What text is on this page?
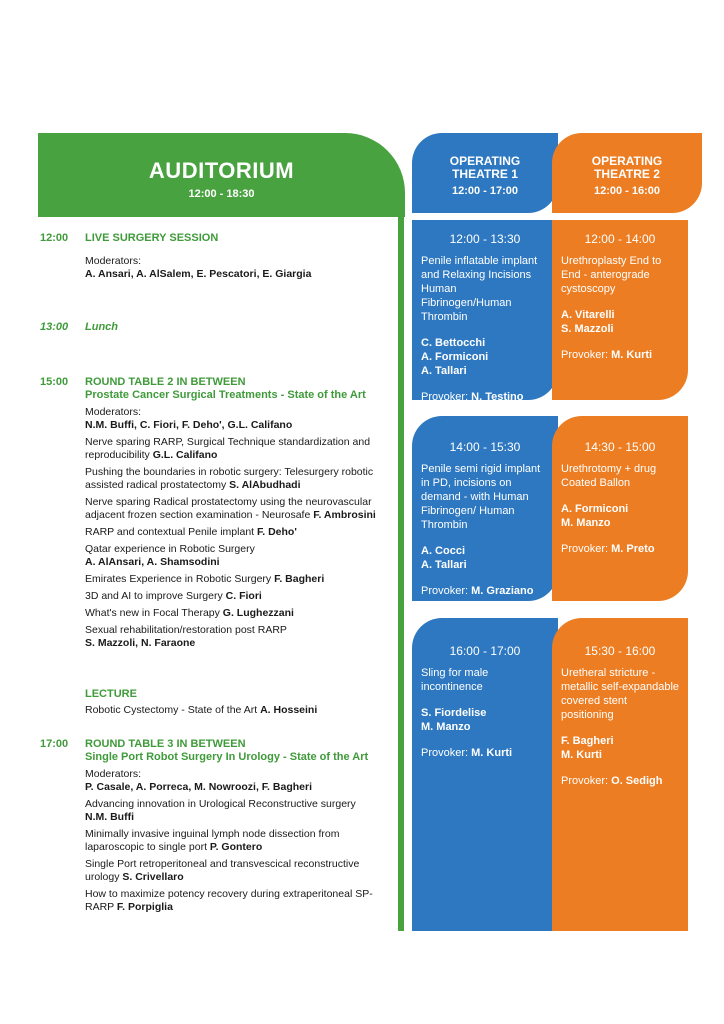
AUDITORIUM
12:00 - 18:30
OPERATING
THEATRE 1
12:00 - 17:00
OPERATING
THEATRE 2
12:00 - 16:00
12:00 LIVE SURGERY SESSION
Moderators:
A. Ansari, A. AlSalem, E. Pescatori, E. Giargia
13:00 Lunch
15:00 ROUND TABLE 2 IN BETWEEN
Prostate Cancer Surgical Treatments - State of the Art
Moderators:
N.M. Buffi, C. Fiori, F. Deho', G.L. Califano
Nerve sparing RARP, Surgical Technique standardization and reproducibility G.L. Califano
Pushing the boundaries in robotic surgery: Telesurgery robotic assisted radical prostatectomy S. AlAbudhadi
Nerve sparing Radical prostatectomy using the neurovascular adjacent frozen section examination - Neurosafe F. Ambrosini
RARP and contextual Penile implant F. Deho'
Qatar experience in Robotic Surgery
A. AlAnsari, A. Shamsodini
Emirates Experience in Robotic Surgery F. Bagheri
3D and AI to improve Surgery C. Fiori
What's new in Focal Therapy G. Lughezzani
Sexual rehabilitation/restoration post RARP
S. Mazzoli, N. Faraone
LECTURE
Robotic Cystectomy - State of the Art A. Hosseini
17:00 ROUND TABLE 3 IN BETWEEN
Single Port Robot Surgery In Urology - State of the Art
Moderators:
P. Casale, A. Porreca, M. Nowroozi, F. Bagheri
Advancing innovation in Urological Reconstructive surgery
N.M. Buffi
Minimally invasive inguinal lymph node dissection from laparoscopic to single port P. Gontero
Single Port retroperitoneal and transvescical reconstructive urology S. Crivellaro
How to maximize potency recovery during extraperitoneal SP-RARP F. Porpiglia
12:00 - 13:30
Penile inflatable implant and Relaxing Incisions Human Fibrinogen/Human Thrombin
C. Bettocchi
A. Formiconi
A. Tallari
Provoker: N. Testino
14:00 - 15:30
Penile semi rigid implant in PD, incisions on demand - with Human Fibrinogen/ Human Thrombin
A. Cocci
A. Tallari
Provoker: M. Graziano
16:00 - 17:00
Sling for male incontinence
S. Fiordelise
M. Manzo
Provoker: M. Kurti
12:00 - 14:00
Urethroplasty End to End - anterograde cystoscopy
A. Vitarelli
S. Mazzoli
Provoker: M. Kurti
14:30 - 15:00
Urethrotomy + drug Coated Ballon
A. Formiconi
M. Manzo
Provoker: M. Preto
15:30 - 16:00
Uretheral stricture - metallic self-expandable covered stent positioning
F. Bagheri
M. Kurti
Provoker: O. Sedigh
